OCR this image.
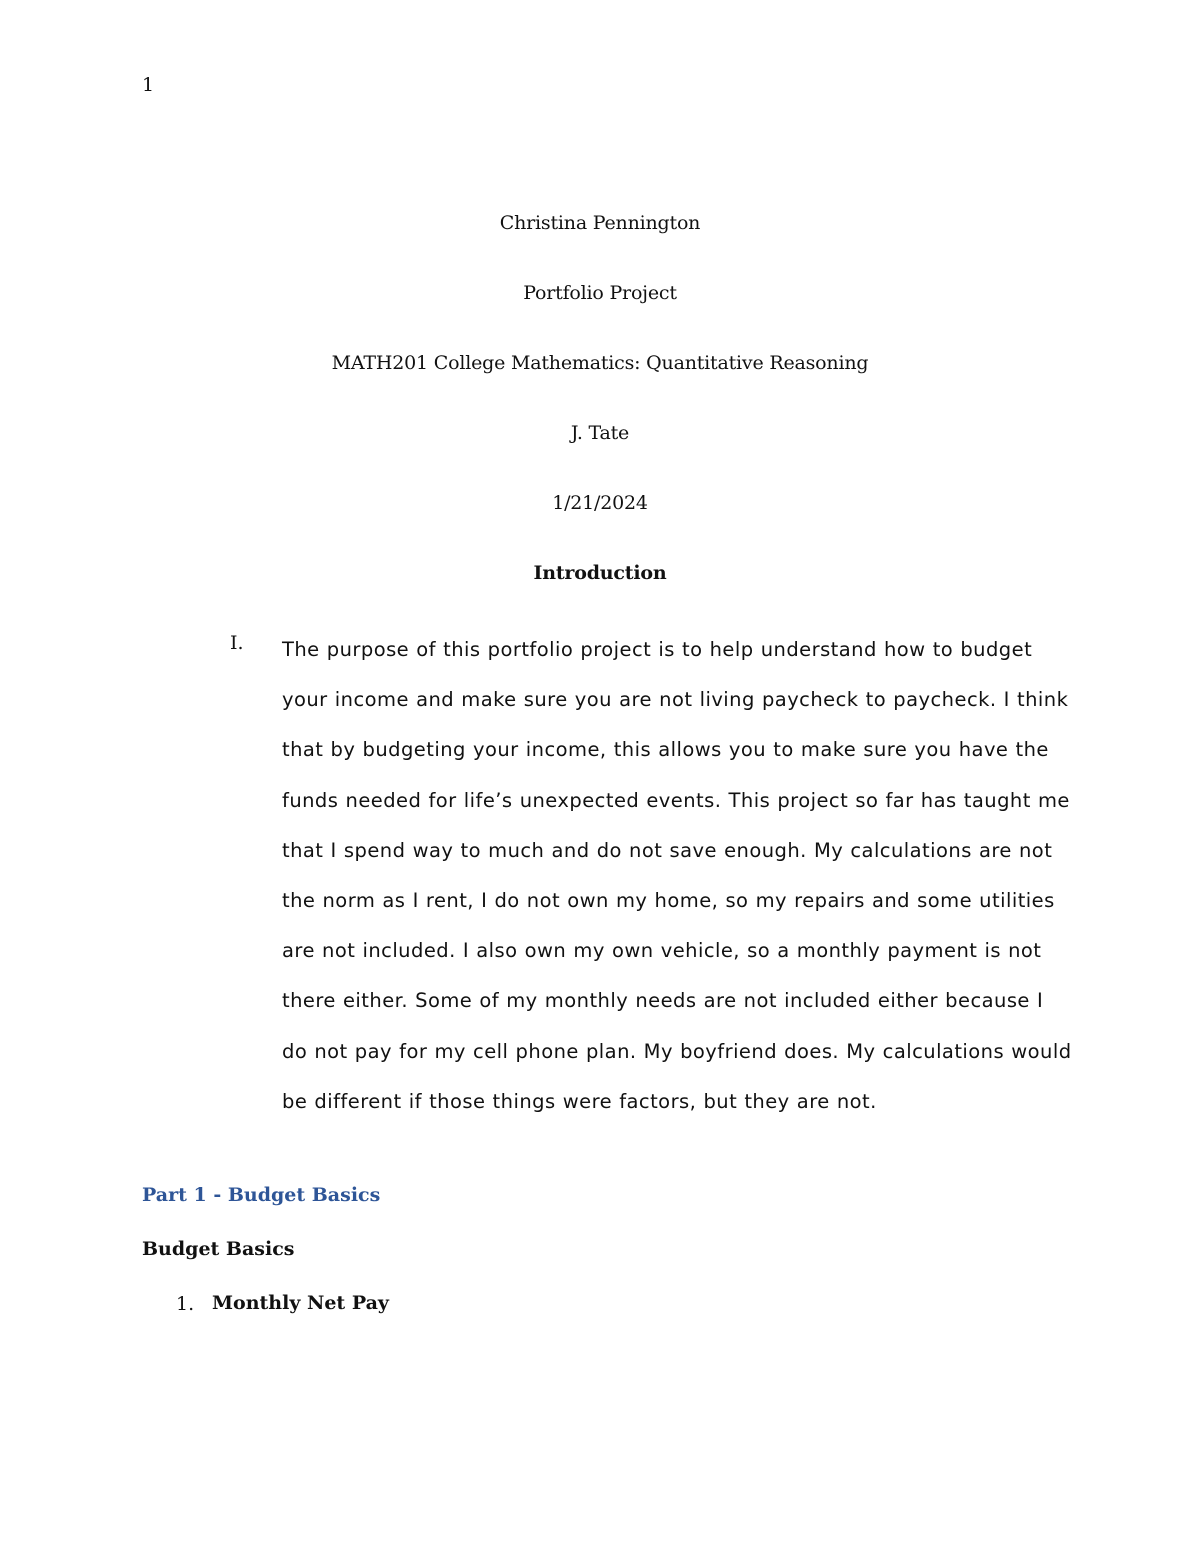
1
Christina Pennington
Portfolio Project
MATH201 College Mathematics: Quantitative Reasoning
J. Tate
1/21/2024
Introduction
I. The purpose of this portfolio project is to help understand how to budget your income and make sure you are not living paycheck to paycheck. I think that by budgeting your income, this allows you to make sure you have the funds needed for life’s unexpected events. This project so far has taught me that I spend way to much and do not save enough. My calculations are not the norm as I rent, I do not own my home, so my repairs and some utilities are not included. I also own my own vehicle, so a monthly payment is not there either. Some of my monthly needs are not included either because I do not pay for my cell phone plan. My boyfriend does. My calculations would be different if those things were factors, but they are not.

Part 1 - Budget Basics
Budget Basics
1. Monthly Net Pay
